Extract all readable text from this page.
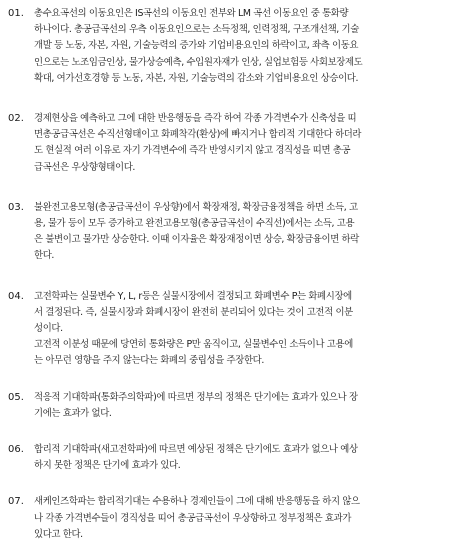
01.	총수요곡선의 이동요인은 IS곡선의 이동요인 전부와 LM 곡선 이동요인 중 통화량
하나이다. 총공급곡선의 우측 이동요인으로는 소득정책, 인력정책, 구조개선책, 기술
개발 등 노동, 자본, 자원, 기술능력의 증가와 기업비용요인의 하락이고, 좌측 이동요
인으로는 노조임금인상, 물가상승예측, 수입원자재가 인상, 실업보험등 사회보장제도
확대, 여가선호경향 등 노동, 자본, 자원, 기술능력의 감소와 기업비용요인 상승이다.
02.	경제현상을 예측하고 그에 대한 반응행동을 즉각 하여 각종 가격변수가 신축성을 띠
면총공급곡선은 수직선형태이고 화폐착각(환상)에 빠지거나 합리적 기대한다 하더라
도 현실적 여러 이유로 자기 가격변수에 즉각 반영시키지 않고 경직성을 띠면 총공
급곡선은 우상향형태이다.
03.	불완전고용모형(총공급곡선이 우상향)에서 확장재정, 확장금융정책을 하면 소득, 고
용, 물가 등이 모두 증가하고 완전고용모형(총공급곡선이 수직선)에서는 소득, 고용
은 불변이고 물가만 상승한다. 이때 이자율은 확장재정이면 상승, 확장금융이면 하락
한다.
04.	고전학파는 실물변수 Y, L, r등은 실물시장에서 결정되고 화폐변수 P는 화폐시장에
서 결정된다. 즉, 실물시장과 화폐시장이 완전히 분리되어 있다는 것이 고전적 이분
성이다.
고전적 이분성 때문에 당연히 통화량은 P만 움직이고, 실물변수인 소득이나 고용에
는 아무런 영향을 주지 않는다는 화폐의 중립성을 주장한다.
05.	적응적 기대학파(통화주의학파)에 따르면 정부의 정책은 단기에는 효과가 있으나 장
기에는 효과가 없다.
06.	합리적 기대학파(새고전학파)에 따르면 예상된 정책은 단기에도 효과가 없으나 예상
하지 못한 정책은 단기에 효과가 있다.
07.	새케인즈학파는 합리적기대는 수용하나 경제인들이 그에 대해 반응행동을 하지 않으
나 각종 가격변수들이 경직성을 띠어 총공급곡선이 우상향하고 정부정책은 효과가
있다고 한다.
